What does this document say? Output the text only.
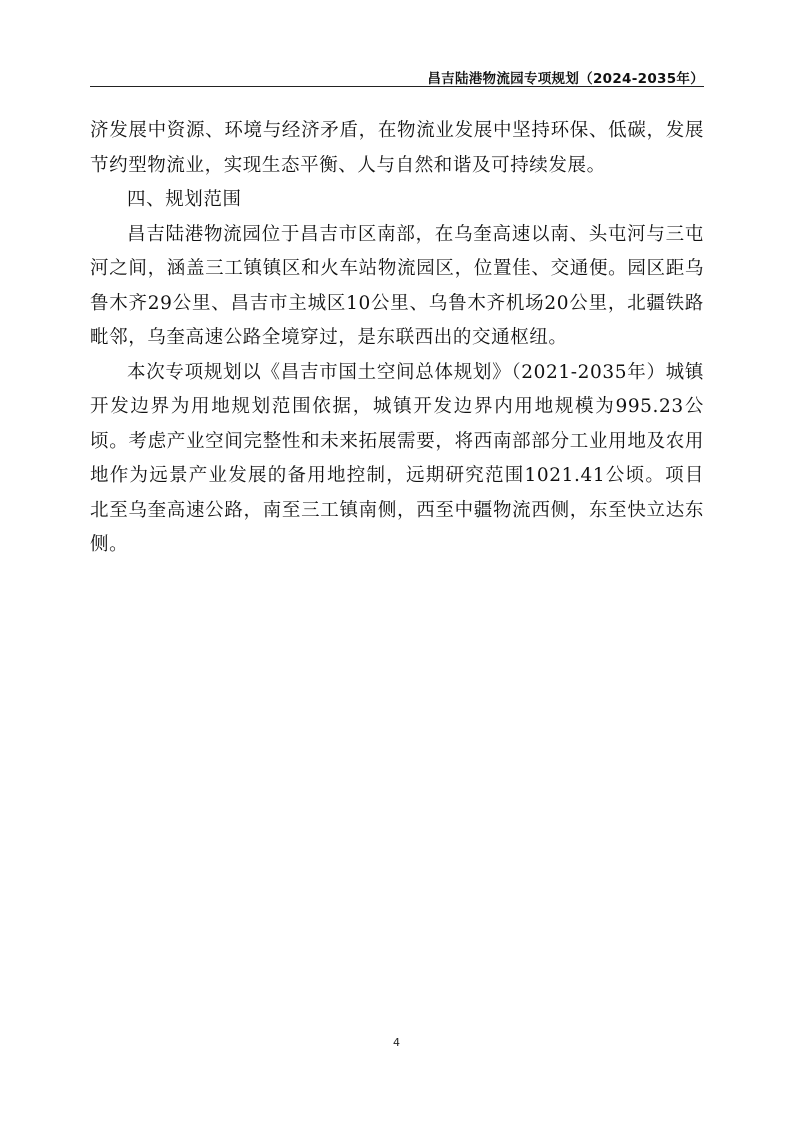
昌吉陆港物流园专项规划（2024-2035年）

济发展中资源、环境与经济矛盾，在物流业发展中坚持环保、低碳，发展节约型物流业，实现生态平衡、人与自然和谐及可持续发展。

四、规划范围

昌吉陆港物流园位于昌吉市区南部，在乌奎高速以南、头屯河与三屯河之间，涵盖三工镇镇区和火车站物流园区，位置佳、交通便。园区距乌鲁木齐29公里、昌吉市主城区10公里、乌鲁木齐机场20公里，北疆铁路毗邻，乌奎高速公路全境穿过，是东联西出的交通枢纽。

本次专项规划以《昌吉市国土空间总体规划》（2021-2035年）城镇开发边界为用地规划范围依据，城镇开发边界内用地规模为995.23公顷。考虑产业空间完整性和未来拓展需要，将西南部部分工业用地及农用地作为远景产业发展的备用地控制，远期研究范围1021.41公顷。项目北至乌奎高速公路，南至三工镇南侧，西至中疆物流西侧，东至快立达东侧。

4
